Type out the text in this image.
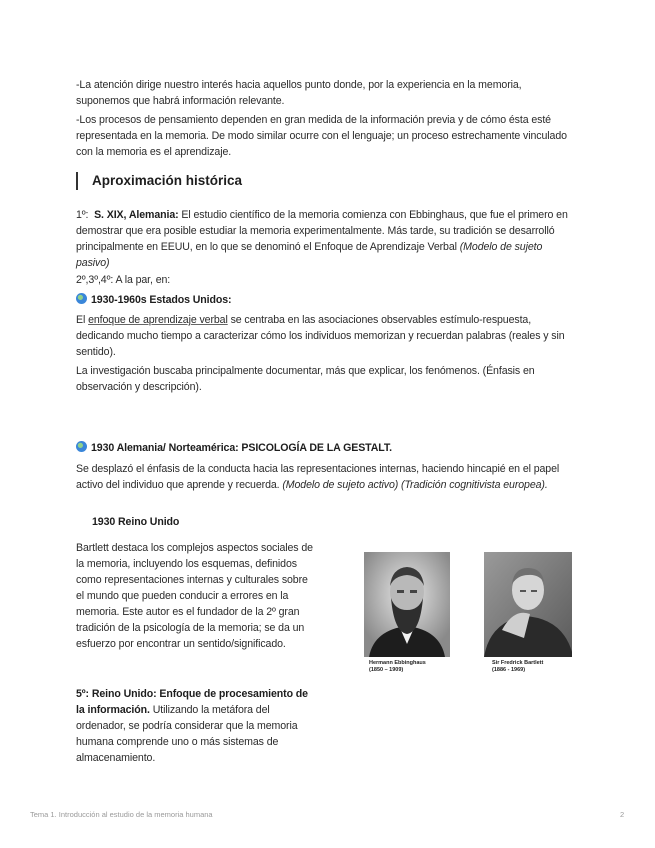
-La atención dirige nuestro interés hacia aquellos punto donde, por la experiencia en la memoria, suponemos que habrá información relevante.

-Los procesos de pensamiento dependen en gran medida de la información previa y de cómo ésta esté representada en la memoria. De modo similar ocurre con el lenguaje; un proceso estrechamente vinculado con la memoria es el aprendizaje.

Aproximación histórica

1º: S. XIX, Alemania: El estudio científico de la memoria comienza con Ebbinghaus, que fue el primero en demostrar que era posible estudiar la memoria experimentalmente. Más tarde, su tradición se desarrolló principalmente en EEUU, en lo que se denominó el Enfoque de Aprendizaje Verbal (Modelo de sujeto pasivo)

2º,3º,4º: A la par, en:

1930-1960s Estados Unidos:

El enfoque de aprendizaje verbal se centraba en las asociaciones observables estímulo-respuesta, dedicando mucho tiempo a caracterizar cómo los individuos memorizan y recuerdan palabras (reales y sin sentido).

La investigación buscaba principalmente documentar, más que explicar, los fenómenos. (Énfasis en observación y descripción).

1930 Alemania/ Norteamérica: PSICOLOGÍA DE LA GESTALT.

Se desplazó el énfasis de la conducta hacia las representaciones internas, haciendo hincapié en el papel activo del individuo que aprende y recuerda. (Modelo de sujeto activo) (Tradición cognitivista europea).

1930 Reino Unido

Bartlett destaca los complejos aspectos sociales de la memoria, incluyendo los esquemas, definidos como representaciones internas y culturales sobre el mundo que pueden conducir a errores en la memoria. Este autor es el fundador de la 2º gran tradición de la psicología de la memoria; se da un esfuerzo por encontrar un sentido/significado.

5º: Reino Unido: Enfoque de procesamiento de la información. Utilizando la metáfora del ordenador, se podría considerar que la memoria humana comprende uno o más sistemas de almacenamiento.

Hermann Ebbinghaus
(1850 – 1909)
Sir Fredrick Bartlett
(1886 - 1969)
Tema 1. Introducción al estudio de la memoria humana	2
